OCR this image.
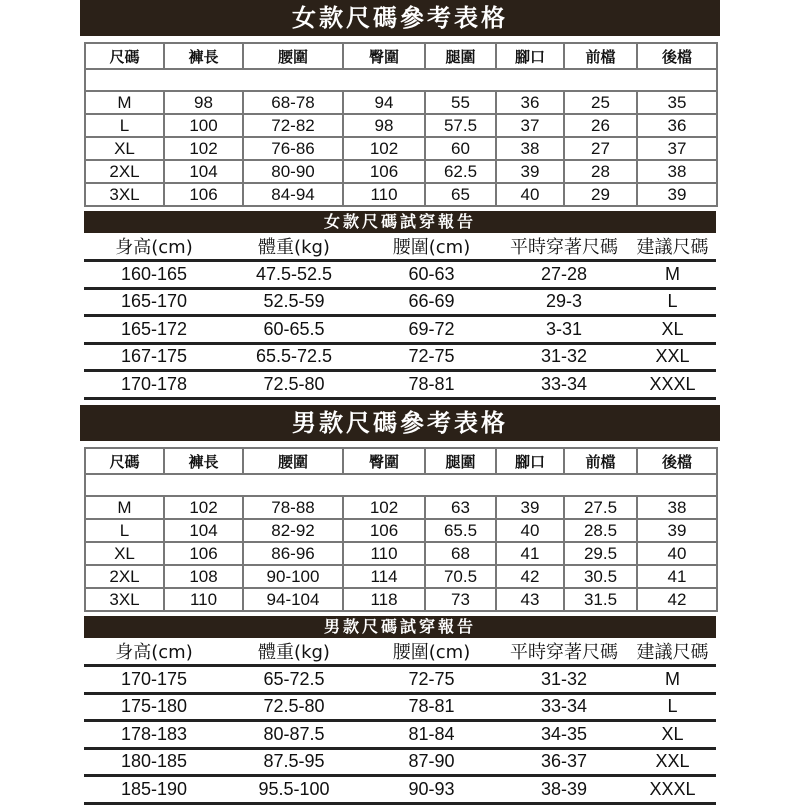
女款尺碼參考表格
尺碼	褲長	腰圍	臀圍	腿圍	腳口	前檔	後檔

M	98	68-78	94	55	36	25	35
L	100	72-82	98	57.5	37	26	36
XL	102	76-86	102	60	38	27	37
2XL	104	80-90	106	62.5	39	28	38
3XL	106	84-94	110	65	40	29	39
女款尺碼試穿報告
身高(cm)	體重(kg)	腰圍(cm)	平時穿著尺碼	建議尺碼
160-165	47.5-52.5	60-63	27-28	M
165-170	52.5-59	66-69	29-3	L
165-172	60-65.5	69-72	3-31	XL
167-175	65.5-72.5	72-75	31-32	XXL
170-178	72.5-80	78-81	33-34	XXXL
男款尺碼參考表格
尺碼	褲長	腰圍	臀圍	腿圍	腳口	前檔	後檔

M	102	78-88	102	63	39	27.5	38
L	104	82-92	106	65.5	40	28.5	39
XL	106	86-96	110	68	41	29.5	40
2XL	108	90-100	114	70.5	42	30.5	41
3XL	110	94-104	118	73	43	31.5	42
男款尺碼試穿報告
身高(cm)	體重(kg)	腰圍(cm)	平時穿著尺碼	建議尺碼
170-175	65-72.5	72-75	31-32	M
175-180	72.5-80	78-81	33-34	L
178-183	80-87.5	81-84	34-35	XL
180-185	87.5-95	87-90	36-37	XXL
185-190	95.5-100	90-93	38-39	XXXL
